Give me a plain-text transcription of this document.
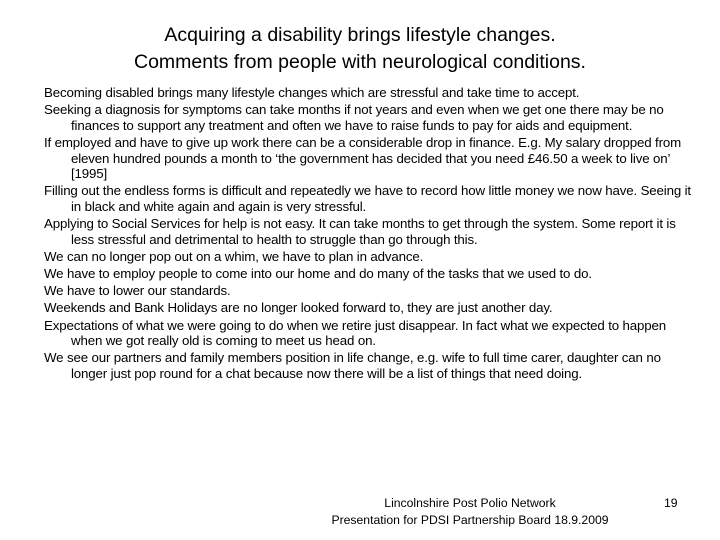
Acquiring a disability brings lifestyle changes.
Comments from people with neurological conditions.

Becoming disabled brings many lifestyle changes which are stressful and take time to accept.

Seeking a diagnosis for symptoms can take months if not years and even when we get one there may be no finances to support any treatment and often we have to raise funds to pay for aids and equipment.

If employed and have to give up work there can be a considerable drop in finance. E.g. My salary dropped from eleven hundred pounds a month to ‘the government has decided that you need £46.50 a week to live on’ [1995]

Filling out the endless forms is difficult and repeatedly we have to record how little money we now have. Seeing it in black and white again and again is very stressful.

Applying to Social Services for help is not easy. It can take months to get through the system. Some report it is less stressful and detrimental to health to struggle than go through this.

We can no longer pop out on a whim, we have to plan in advance.

We have to employ people to come into our home and do many of the tasks that we used to do.

We have to lower our standards.

Weekends and Bank Holidays are no longer looked forward to, they are just another day.

Expectations of what we were going to do when we retire just disappear. In fact what we expected to happen when we got really old is coming to meet us head on.

We see our partners and family members position in life change, e.g. wife to full time carer, daughter can no longer just pop round for a chat because now there will be a list of things that need doing.

Lincolnshire Post Polio Network
Presentation for PDSI Partnership Board 18.9.2009
19
